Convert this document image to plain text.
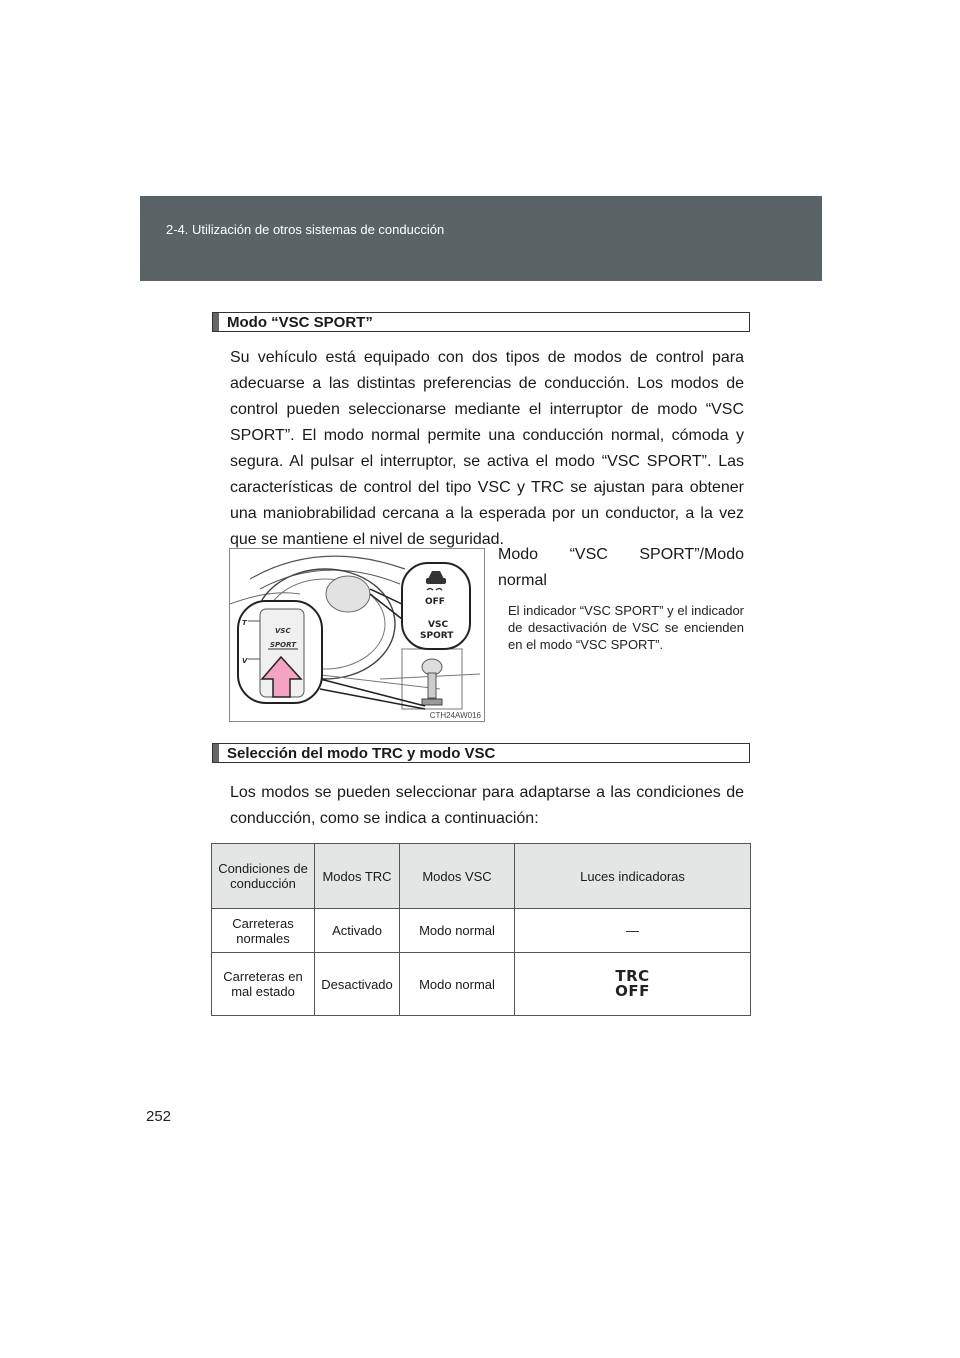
2-4. Utilización de otros sistemas de conducción
Modo “VSC SPORT”
Su vehículo está equipado con dos tipos de modos de control para adecuarse a las distintas preferencias de conducción. Los modos de control pueden seleccionarse mediante el interruptor de modo “VSC SPORT”. El modo normal permite una conducción normal, cómoda y segura. Al pulsar el interruptor, se activa el modo “VSC SPORT”. Las características de control del tipo VSC y TRC se ajustan para obtener una maniobrabilidad cercana a la esperada por un conductor, a la vez que se mantiene el nivel de seguridad.
T
V
VSC
SPORT
OFF
VSC
SPORT
CTH24AW016
Modo “VSC SPORT”/Modo
normal
El indicador “VSC SPORT” y el indicador de desactivación de VSC se encienden en el modo “VSC SPORT”.
Selección del modo TRC y modo VSC
Los modos se pueden seleccionar para adaptarse a las condiciones de conducción, como se indica a continuación:
Condiciones de conducción	Modos TRC	Modos VSC	Luces indicadoras
Carreteras normales	Activado	Modo normal	—
Carreteras en mal estado	Desactivado	Modo normal	TRC
OFF
252
